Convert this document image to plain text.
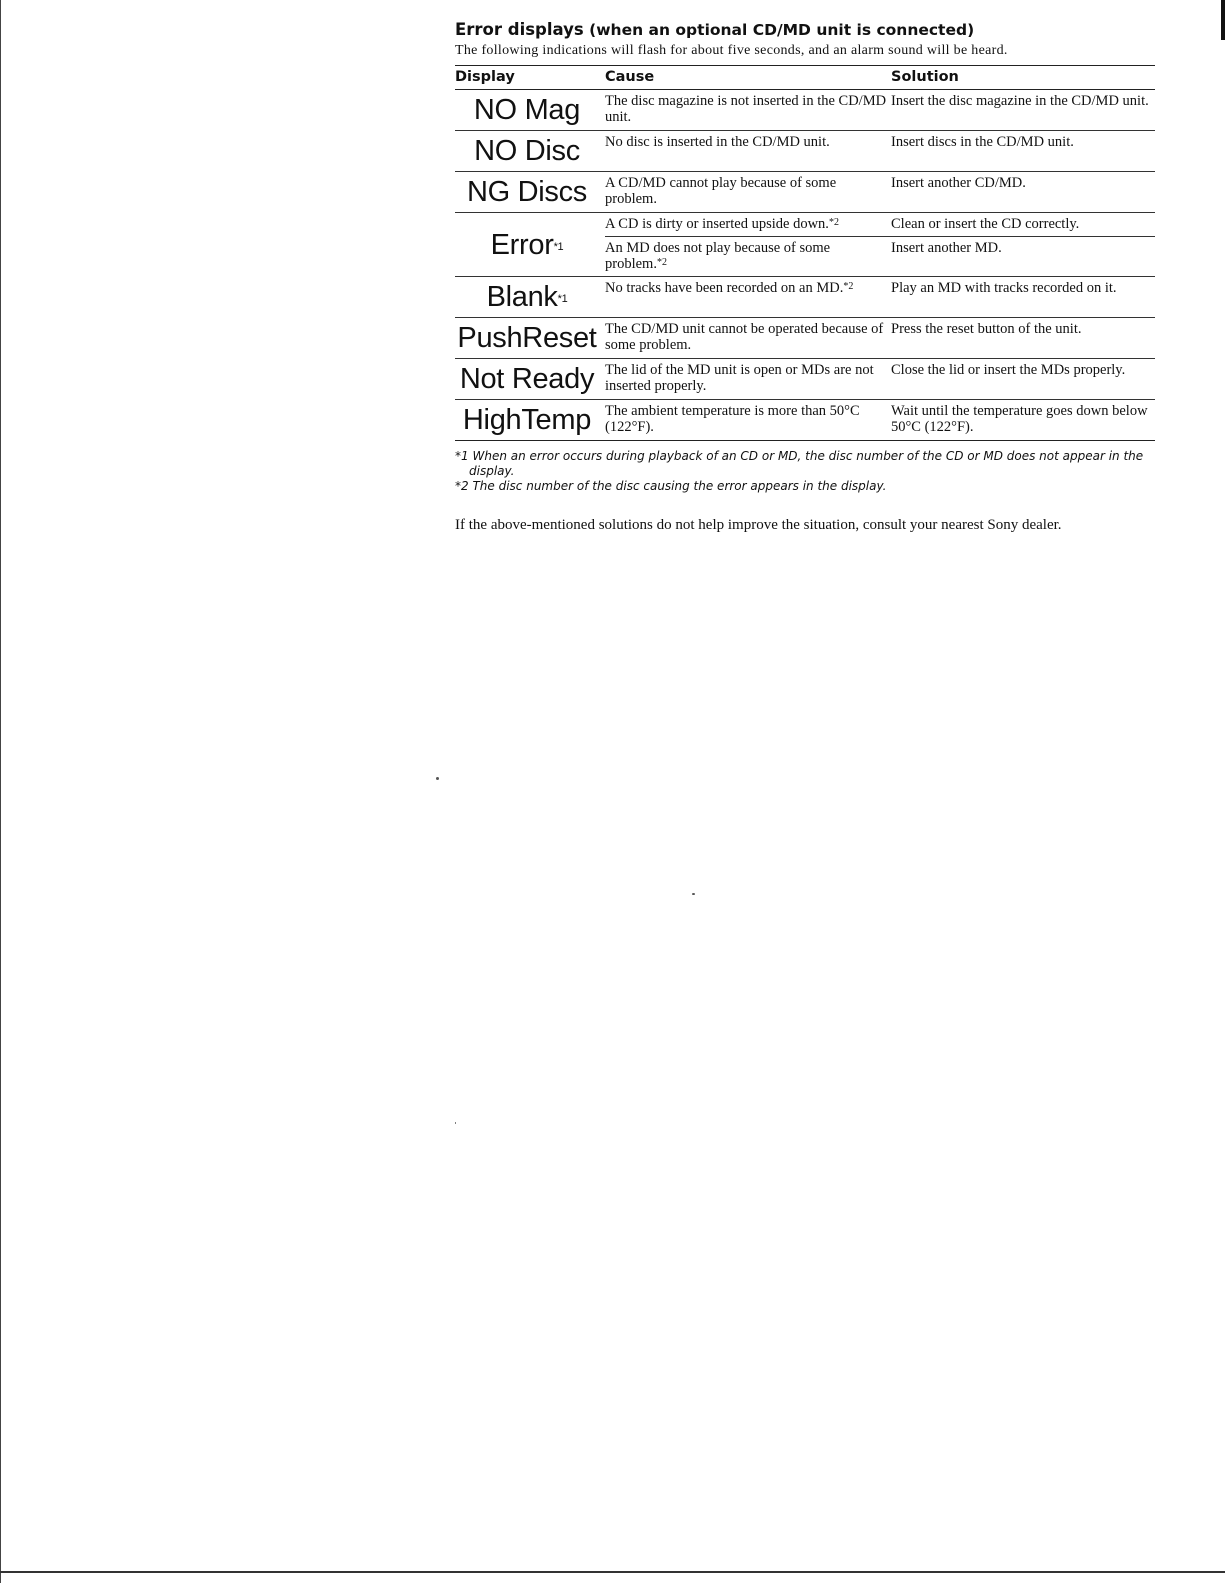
Error displays (when an optional CD/MD unit is connected)

The following indications will flash for about five seconds, and an alarm sound will be heard.

Display	Cause	Solution
NO Mag	The disc magazine is not inserted in the CD/MD unit.	Insert the disc magazine in the CD/MD unit.
NO Disc	No disc is inserted in the CD/MD unit.	Insert discs in the CD/MD unit.
NG Discs	A CD/MD cannot play because of some problem.	Insert another CD/MD.
Error$^{*1}$	A CD is dirty or inserted upside down.$^{*2}$	Clean or insert the CD correctly.
	An MD does not play because of some problem.$^{*2}$	Insert another MD.
Blank$^{*1}$	No tracks have been recorded on an MD.$^{*2}$	Play an MD with tracks recorded on it.
PushReset	The CD/MD unit cannot be operated because of some problem.	Press the reset button of the unit.
Not Ready	The lid of the MD unit is open or MDs are not inserted properly.	Close the lid or insert the MDs properly.
HighTemp	The ambient temperature is more than 50°C (122°F).	Wait until the temperature goes down below 50°C (122°F).

*1 When an error occurs during playback of an CD or MD, the disc number of the CD or MD does not appear in the display.

*2 The disc number of the disc causing the error appears in the display.

If the above-mentioned solutions do not help improve the situation, consult your nearest Sony dealer.
